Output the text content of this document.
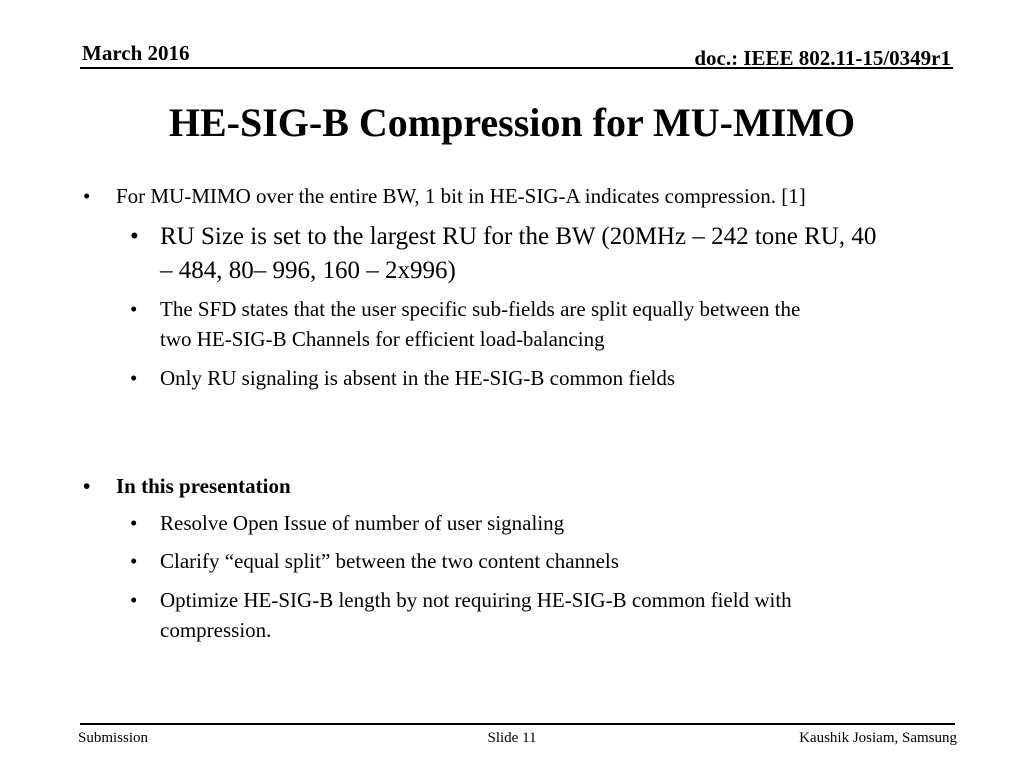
March 2016	doc.: IEEE 802.11-15/0349r1
HE-SIG-B Compression for MU-MIMO
• For MU-MIMO over the entire BW, 1 bit in HE-SIG-A indicates compression. [1]
• RU Size is set to the largest RU for the BW (20MHz – 242 tone RU, 40
– 484, 80– 996, 160 – 2x996)
• The SFD states that the user specific sub-fields are split equally between the
two HE-SIG-B Channels for efficient load-balancing
• Only RU signaling is absent in the HE-SIG-B common fields
• In this presentation
• Resolve Open Issue of number of user signaling
• Clarify “equal split” between the two content channels
• Optimize HE-SIG-B length by not requiring HE-SIG-B common field with
compression.
Submission	Slide 11	Kaushik Josiam, Samsung
